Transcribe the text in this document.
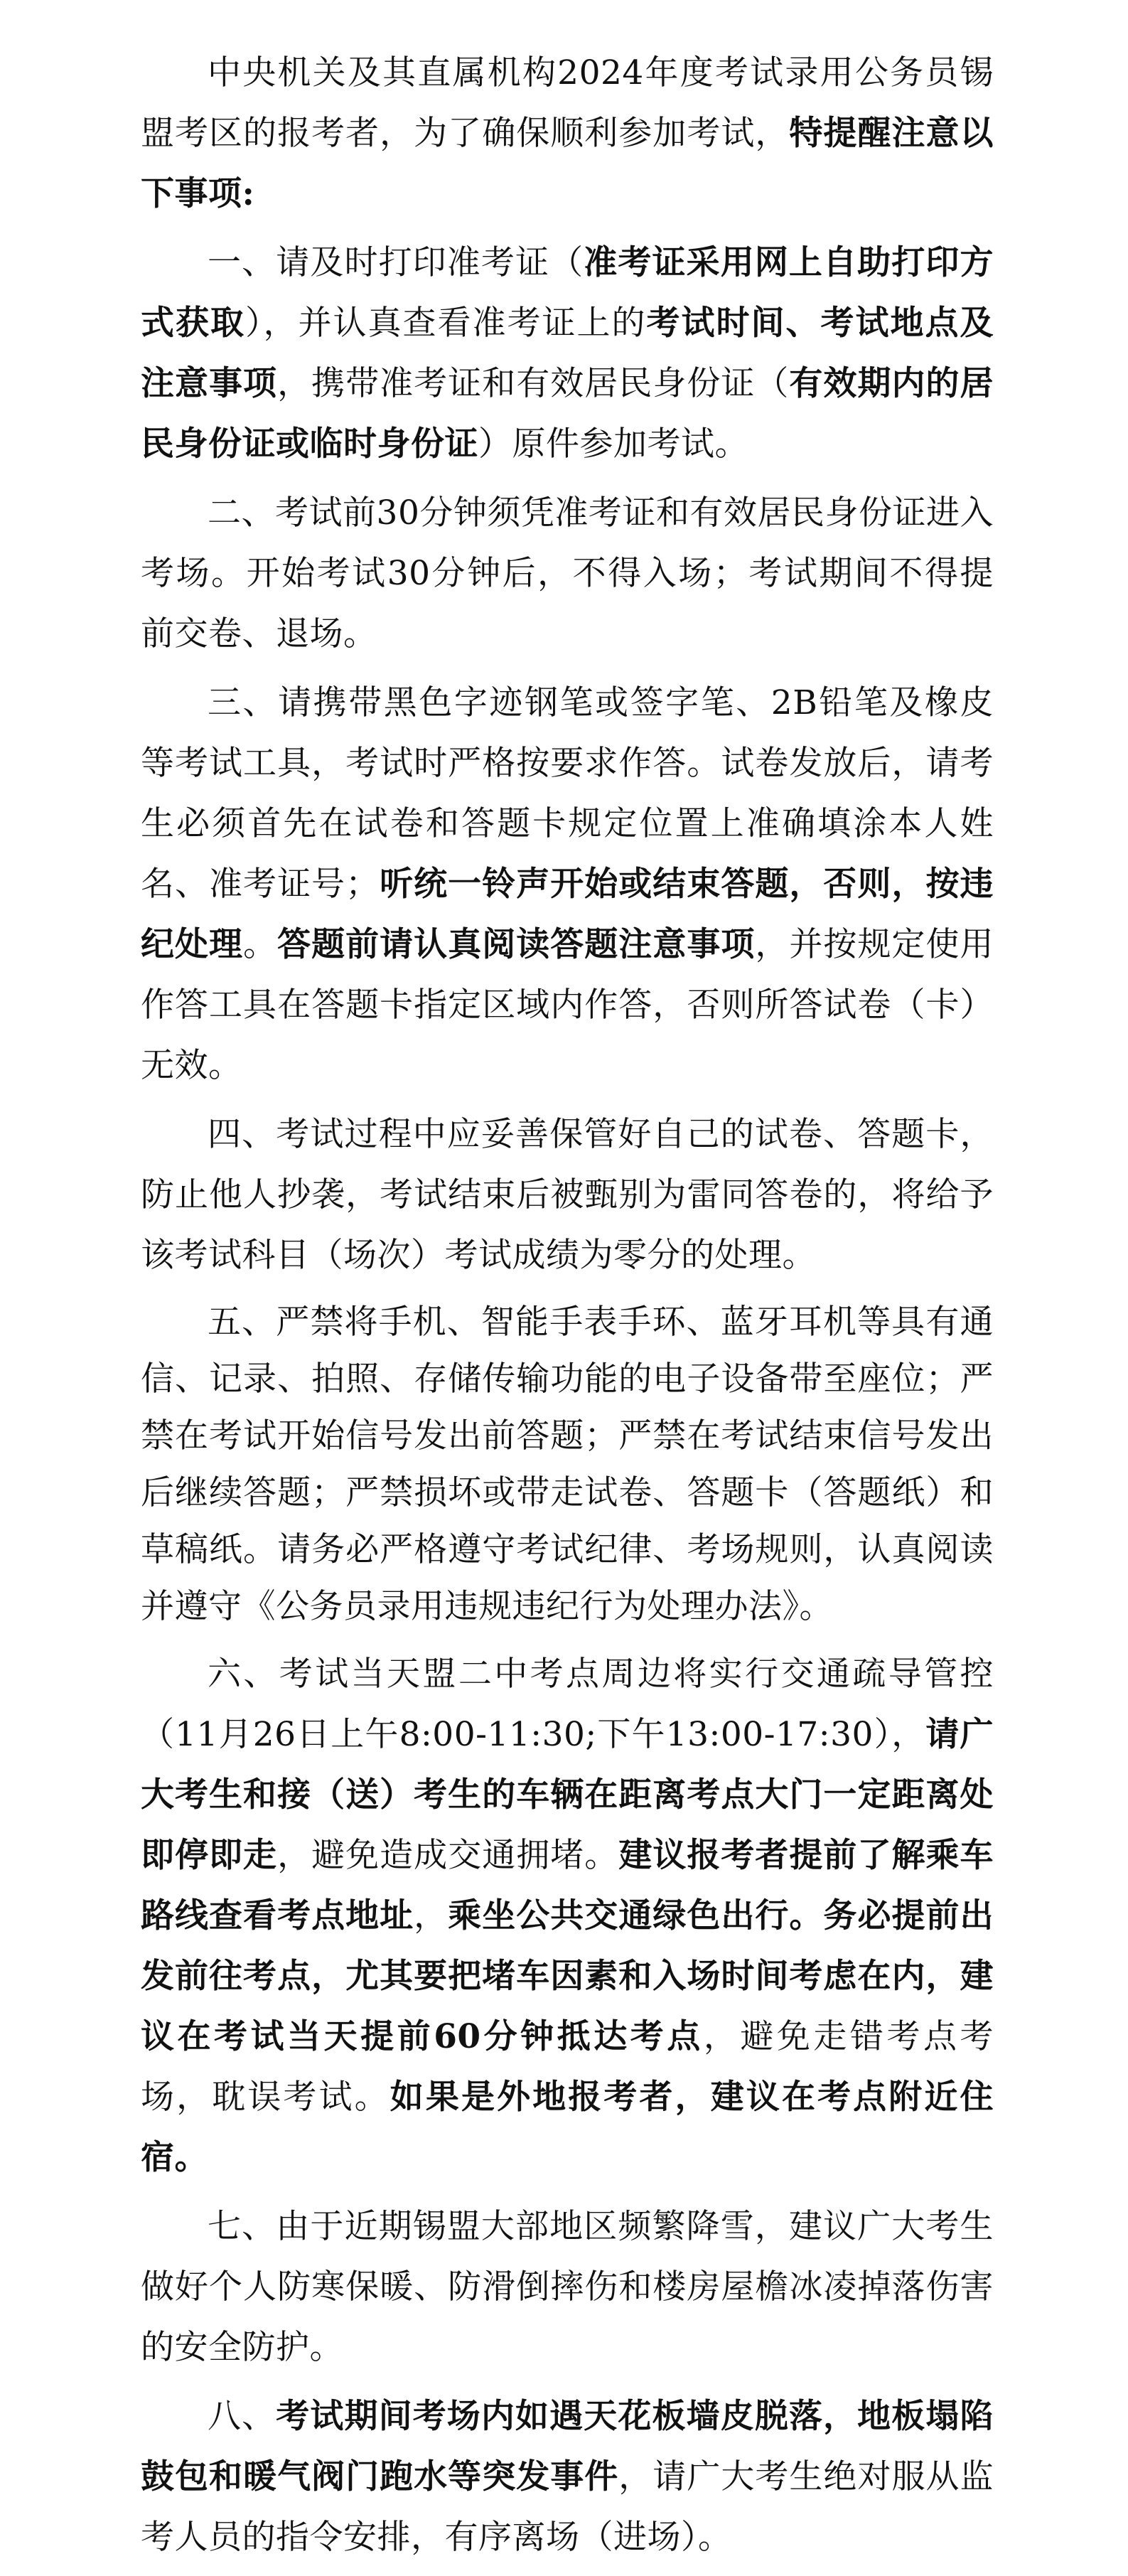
中央机关及其直属机构2024年度考试录用公务员锡盟考区的报考者，为了确保顺利参加考试，特提醒注意以下事项:

一、请及时打印准考证（准考证采用网上自助打印方式获取），并认真查看准考证上的考试时间、考试地点及注意事项，携带准考证和有效居民身份证（有效期内的居民身份证或临时身份证）原件参加考试。

二、考试前30分钟须凭准考证和有效居民身份证进入考场。开始考试30分钟后，不得入场；考试期间不得提前交卷、退场。

三、请携带黑色字迹钢笔或签字笔、2B铅笔及橡皮等考试工具，考试时严格按要求作答。试卷发放后，请考生必须首先在试卷和答题卡规定位置上准确填涂本人姓名、准考证号；听统一铃声开始或结束答题，否则，按违纪处理。答题前请认真阅读答题注意事项，并按规定使用作答工具在答题卡指定区域内作答，否则所答试卷（卡）无效。

四、考试过程中应妥善保管好自己的试卷、答题卡，防止他人抄袭，考试结束后被甄别为雷同答卷的，将给予该考试科目（场次）考试成绩为零分的处理。

五、严禁将手机、智能手表手环、蓝牙耳机等具有通信、记录、拍照、存储传输功能的电子设备带至座位；严禁在考试开始信号发出前答题；严禁在考试结束信号发出后继续答题；严禁损坏或带走试卷、答题卡（答题纸）和草稿纸。请务必严格遵守考试纪律、考场规则，认真阅读并遵守《公务员录用违规违纪行为处理办法》。

六、考试当天盟二中考点周边将实行交通疏导管控（11月26日上午8:00-11:30;下午13:00-17:30），请广大考生和接（送）考生的车辆在距离考点大门一定距离处即停即走，避免造成交通拥堵。建议报考者提前了解乘车路线查看考点地址，乘坐公共交通绿色出行。务必提前出发前往考点，尤其要把堵车因素和入场时间考虑在内，建议在考试当天提前60分钟抵达考点，避免走错考点考场，耽误考试。如果是外地报考者，建议在考点附近住宿。

七、由于近期锡盟大部地区频繁降雪，建议广大考生做好个人防寒保暖、防滑倒摔伤和楼房屋檐冰凌掉落伤害的安全防护。

八、考试期间考场内如遇天花板墙皮脱落，地板塌陷鼓包和暖气阀门跑水等突发事件，请广大考生绝对服从监考人员的指令安排，有序离场（进场）。
